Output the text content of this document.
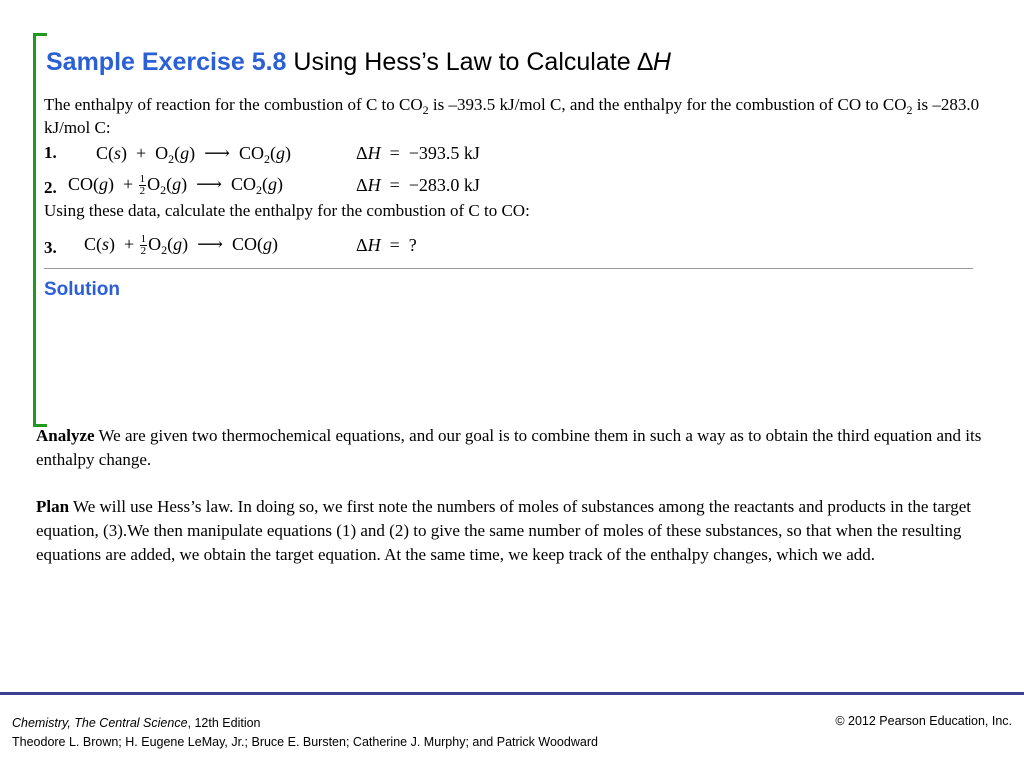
Sample Exercise 5.8 Using Hess’s Law to Calculate ∆H

The enthalpy of reaction for the combustion of C to $CO_2$ is –393.5 kJ/mol C, and the enthalpy for the combustion of CO to $CO_2$ is –283.0 kJ/mol C:

1. $C(s) + O_2(g)$  ⟶  $CO_2(g)$	ΔH  =  −393.5 kJ
2. $CO(g) + \frac{1}{2} O_2(g)$  ⟶  $CO_2(g)$	ΔH  =  −283.0 kJ

Using these data, calculate the enthalpy for the combustion of C to CO:

3. $C(s) + \frac{1}{2} O_2(g)$  ⟶  CO(g)	ΔH  =  ?
Solution

Analyze We are given two thermochemical equations, and our goal is to combine them in such a way as to obtain the third equation and its enthalpy change.

Plan We will use Hess’s law. In doing so, we first note the numbers of moles of substances among the reactants and products in the target equation, (3).We then manipulate equations (1) and (2) to give the same number of moles of these substances, so that when the resulting equations are added, we obtain the target equation. At the same time, we keep track of the enthalpy changes, which we add.

Chemistry, The Central Science, 12th Edition
Theodore L. Brown; H. Eugene LeMay, Jr.; Bruce E. Bursten; Catherine J. Murphy; and Patrick Woodward
© 2012 Pearson Education, Inc.
